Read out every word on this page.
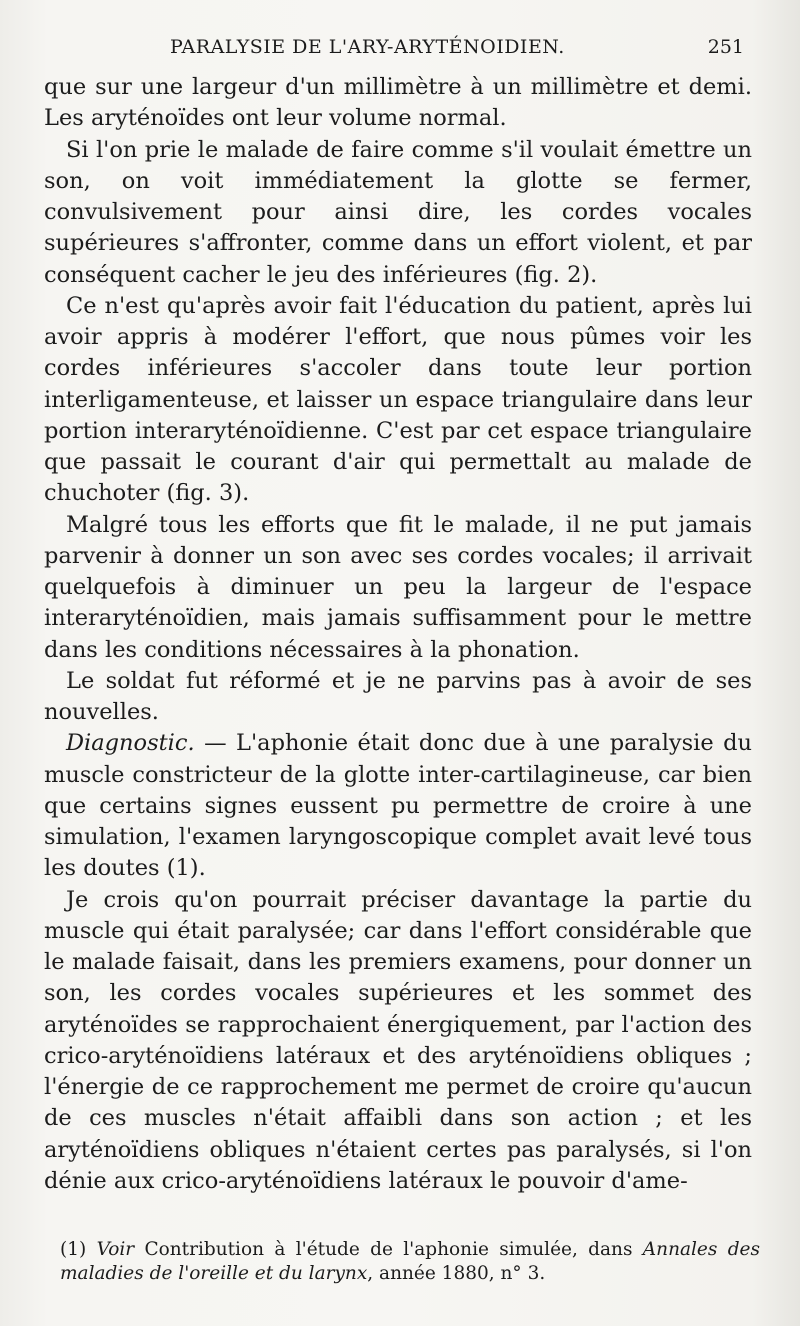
PARALYSIE DE L'ARY-ARYTÉNOIDIEN.	251

que sur une largeur d'un millimètre à un millimètre et demi. Les aryténoïdes ont leur volume normal.

Si l'on prie le malade de faire comme s'il voulait émettre un son, on voit immédiatement la glotte se fermer, convulsivement pour ainsi dire, les cordes vocales supérieures s'affronter, comme dans un effort violent, et par conséquent cacher le jeu des inférieures (fig. 2).

Ce n'est qu'après avoir fait l'éducation du patient, après lui avoir appris à modérer l'effort, que nous pûmes voir les cordes inférieures s'accoler dans toute leur portion interligamenteuse, et laisser un espace triangulaire dans leur portion interaryténoïdienne. C'est par cet espace triangulaire que passait le courant d'air qui permettalt au malade de chuchoter (fig. 3).

Malgré tous les efforts que fit le malade, il ne put jamais parvenir à donner un son avec ses cordes vocales; il arrivait quelquefois à diminuer un peu la largeur de l'espace interaryténoïdien, mais jamais suffisamment pour le mettre dans les conditions nécessaires à la phonation.

Le soldat fut réformé et je ne parvins pas à avoir de ses nouvelles.

Diagnostic. — L'aphonie était donc due à une paralysie du muscle constricteur de la glotte inter-cartilagineuse, car bien que certains signes eussent pu permettre de croire à une simulation, l'examen laryngoscopique complet avait levé tous les doutes (1).

Je crois qu'on pourrait préciser davantage la partie du muscle qui était paralysée; car dans l'effort considérable que le malade faisait, dans les premiers examens, pour donner un son, les cordes vocales supérieures et les sommet des aryténoïdes se rapprochaient énergiquement, par l'action des crico-aryténoïdiens latéraux et des aryténoïdiens obliques ; l'énergie de ce rapprochement me permet de croire qu'aucun de ces muscles n'était affaibli dans son action ; et les aryténoïdiens obliques n'étaient certes pas paralysés, si l'on dénie aux crico-aryténoïdiens latéraux le pouvoir d'ame-

(1) Voir Contribution à l'étude de l'aphonie simulée, dans Annales des maladies de l'oreille et du larynx, année 1880, n° 3.
